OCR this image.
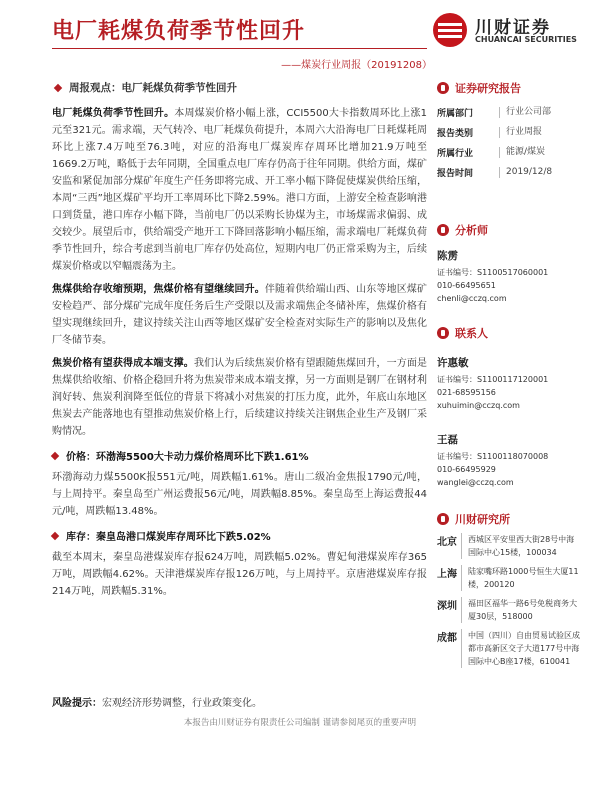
电厂耗煤负荷季节性回升
——煤炭行业周报（20191208）
川财证券
CHUANCAI SECURITIES
周报观点：电厂耗煤负荷季节性回升

电厂耗煤负荷季节性回升。本周煤炭价格小幅上涨，CCI5500大卡指数周环比上涨1元至321元。需求端，天气转冷、电厂耗煤负荷提升，本周六大沿海电厂日耗煤耗周环比上涨7.4万吨至76.3吨，对应的沿海电厂煤炭库存周环比增加21.9万吨至1669.2万吨，略低于去年同期，全国重点电厂库存仍高于往年同期。供给方面，煤矿安监和紧促加部分煤矿年度生产任务即将完成、开工率小幅下降促使煤炭供给压缩，本周“三西”地区煤矿平均开工率周环比下降2.59%。港口方面，上游安全检查影响港口到货量，港口库存小幅下降，当前电厂仍以采购长协煤为主，市场煤需求偏弱、成交较少。展望后市，供给端受产地开工下降回落影响小幅压缩，需求端电厂耗煤负荷季节性回升，综合考虑到当前电厂库存仍处高位，短期内电厂仍正常采购为主，后续煤炭价格或以窄幅震荡为主。

焦煤供给存收缩预期，焦煤价格有望继续回升。伴随着供给端山西、山东等地区煤矿安检趋严、部分煤矿完成年度任务后生产受限以及需求端焦企冬储补库，焦煤价格有望实现继续回升，建议持续关注山西等地区煤矿安全检查对实际生产的影响以及焦化厂冬储节奏。

焦炭价格有望获得成本端支撑。我们认为后续焦炭价格有望跟随焦煤回升，一方面是焦煤供给收缩、价格企稳回升将为焦炭带来成本端支撑，另一方面则是钢厂在钢材利润好转、焦炭利润降至低位的背景下将减小对焦炭的打压力度，此外，年底山东地区焦炭去产能落地也有望推动焦炭价格上行，后续建议持续关注钢焦企业生产及钢厂采购情况。

价格：环渤海5500大卡动力煤价格周环比下跌1.61%

环渤海动力煤5500K报551元/吨，周跌幅1.61%。唐山二级冶金焦报1790元/吨，与上周持平。秦皇岛至广州运费报56元/吨，周跌幅8.85%。秦皇岛至上海运费报44元/吨，周跌幅13.48%。

库存：秦皇岛港口煤炭库存周环比下跌5.02%

截至本周末，秦皇岛港煤炭库存报624万吨，周跌幅5.02%。曹妃甸港煤炭库存365万吨，周跌幅4.62%。天津港煤炭库存报126万吨，与上周持平。京唐港煤炭库存报214万吨，周跌幅5.31%。

风险提示：宏观经济形势调整，行业政策变化。
证券研究报告
所属部门	行业公司部
报告类别	行业周报
所属行业	能源/煤炭
报告时间	2019/12/8
分析师
陈雳
证书编号：S1100517060001
010-66495651
chenli@cczq.com
联系人
许惠敏
证书编号：S1100117120001
021-68595156
xuhuimin@cczq.com
王磊
证书编号：S1100118070008
010-66495929
wanglei@cczq.com
川财研究所
北京	西城区平安里西大街28号中海国际中心15楼，100034
上海	陆家嘴环路1000号恒生大厦11楼，200120
深圳	福田区福华一路6号免税商务大厦30层，518000
成都	中国（四川）自由贸易试验区成都市高新区交子大道177号中海国际中心B座17楼，610041
本报告由川财证券有限责任公司编制 谨请参阅尾页的重要声明
